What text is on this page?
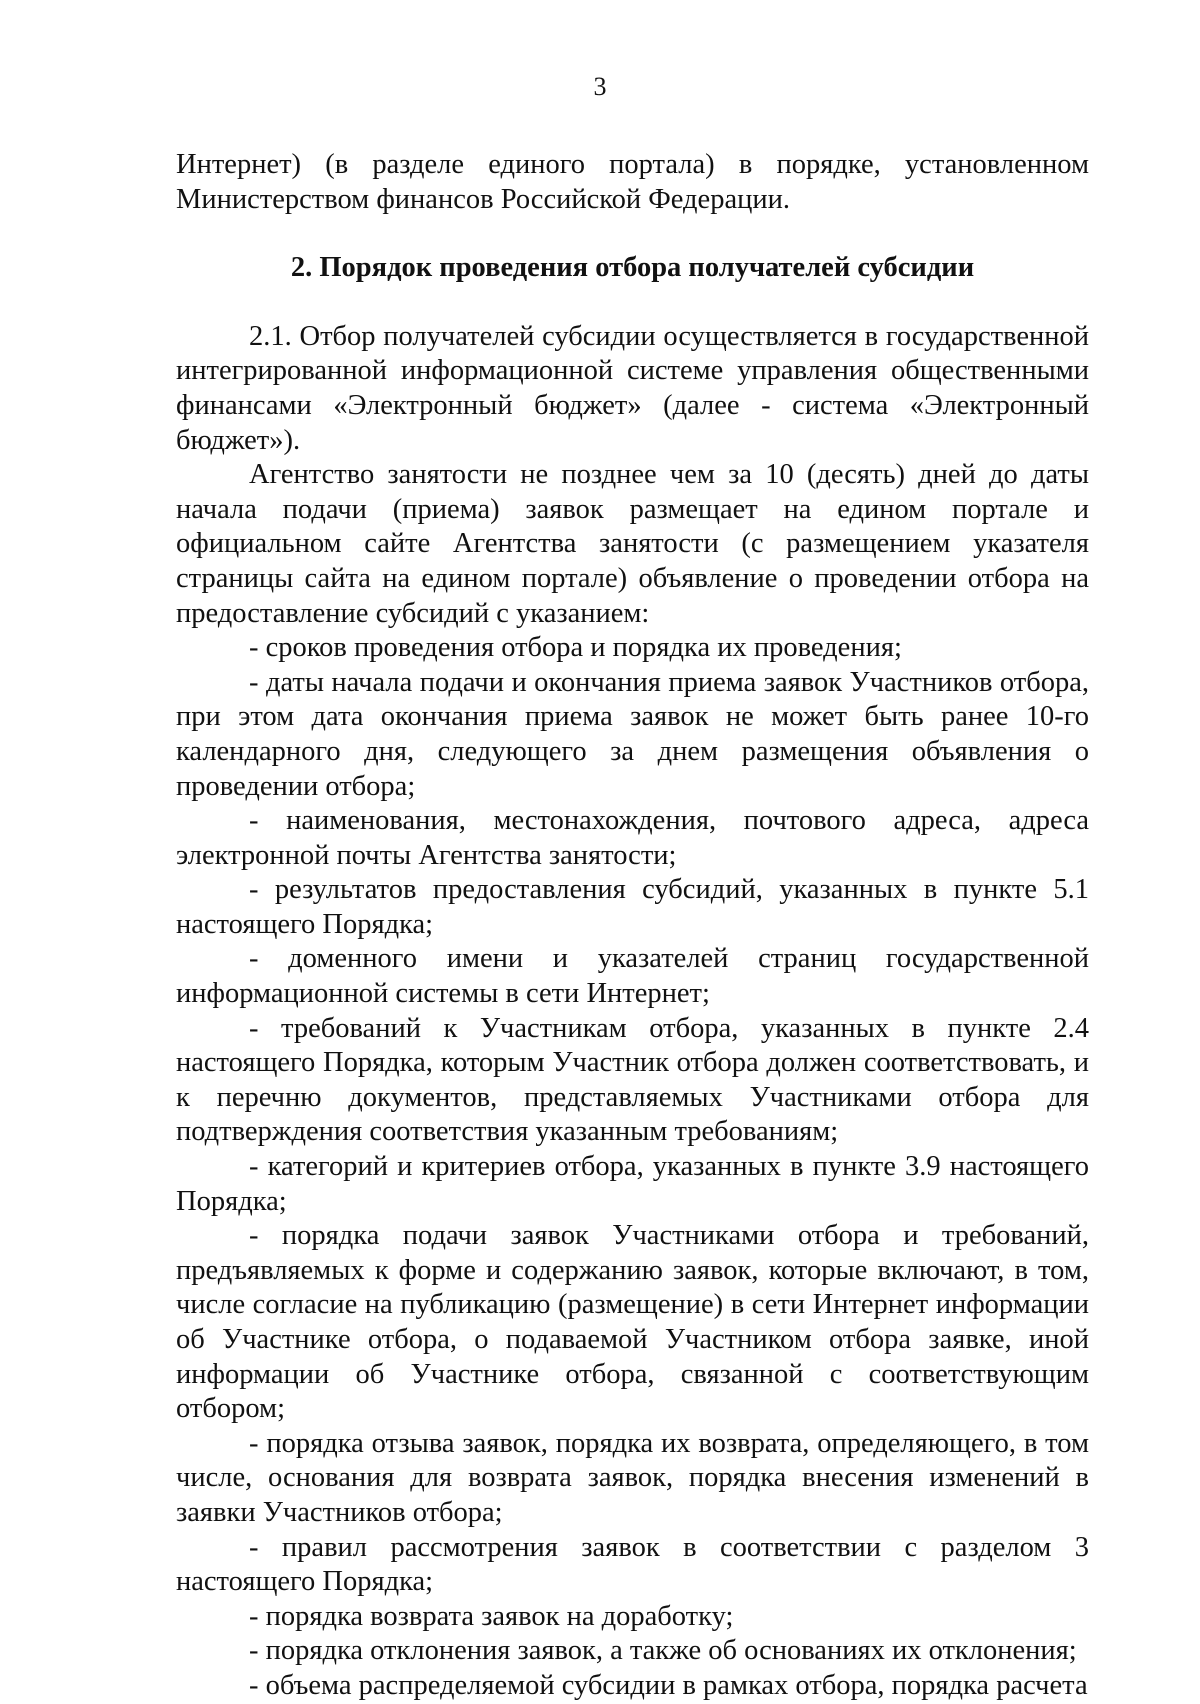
3

Интернет) (в разделе единого портала) в порядке, установленном Министерством финансов Российской Федерации.

2. Порядок проведения отбора получателей субсидии

2.1. Отбор получателей субсидии осуществляется в государственной интегрированной информационной системе управления общественными финансами «Электронный бюджет» (далее - система «Электронный бюджет»).

Агентство занятости не позднее чем за 10 (десять) дней до даты начала подачи (приема) заявок размещает на едином портале и официальном сайте Агентства занятости (с размещением указателя страницы сайта на едином портале) объявление о проведении отбора на предоставление субсидий с указанием:

- сроков проведения отбора и порядка их проведения;

- даты начала подачи и окончания приема заявок Участников отбора, при этом дата окончания приема заявок не может быть ранее 10-го календарного дня, следующего за днем размещения объявления о проведении отбора;

- наименования, местонахождения, почтового адреса, адреса электронной почты Агентства занятости;

- результатов предоставления субсидий, указанных в пункте 5.1 настоящего Порядка;

- доменного имени и указателей страниц государственной информационной системы в сети Интернет;

- требований к Участникам отбора, указанных в пункте 2.4 настоящего Порядка, которым Участник отбора должен соответствовать, и к перечню документов, представляемых Участниками отбора для подтверждения соответствия указанным требованиям;

- категорий и критериев отбора, указанных в пункте 3.9 настоящего Порядка;

- порядка подачи заявок Участниками отбора и требований, предъявляемых к форме и содержанию заявок, которые включают, в том, числе согласие на публикацию (размещение) в сети Интернет информации об Участнике отбора, о подаваемой Участником отбора заявке, иной информации об Участнике отбора, связанной с соответствующим отбором;

- порядка отзыва заявок, порядка их возврата, определяющего, в том числе, основания для возврата заявок, порядка внесения изменений в заявки Участников отбора;

- правил рассмотрения заявок в соответствии с разделом 3 настоящего Порядка;

- порядка возврата заявок на доработку;

- порядка отклонения заявок, а также об основаниях их отклонения;

- объема распределяемой субсидии в рамках отбора, порядка расчета
